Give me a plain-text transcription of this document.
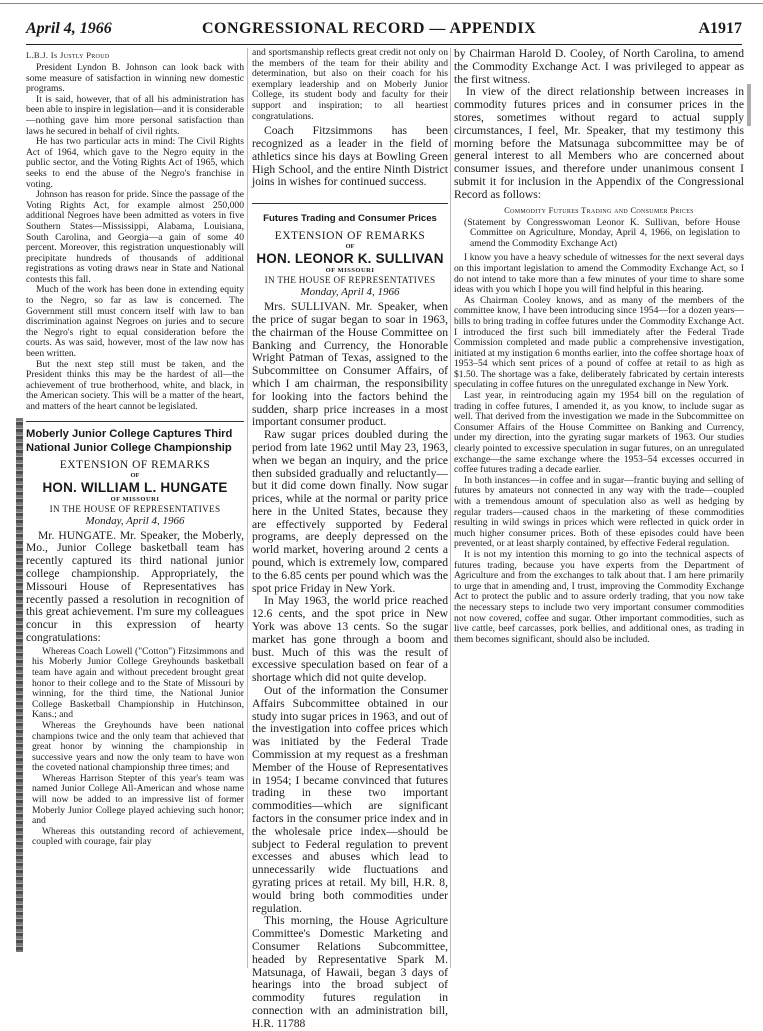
April 4, 1966	CONGRESSIONAL RECORD — APPENDIX	A1917
L.B.J. Is Justly Proud

President Lyndon B. Johnson can look back with some measure of satisfaction in winning new domestic programs.

It is said, however, that of all his administration has been able to inspire in legislation—and it is considerable—nothing gave him more personal satisfaction than laws he secured in behalf of civil rights.

He has two particular acts in mind: The Civil Rights Act of 1964, which gave to the Negro equity in the public sector, and the Voting Rights Act of 1965, which seeks to end the abuse of the Negro's franchise in voting.

Johnson has reason for pride. Since the passage of the Voting Rights Act, for example almost 250,000 additional Negroes have been admitted as voters in five Southern States—Mississippi, Alabama, Louisiana, South Carolina, and Georgia—a gain of some 40 percent. Moreover, this registration unquestionably will precipitate hundreds of thousands of additional registrations as voting draws near in State and National contests this fall.

Much of the work has been done in extending equity to the Negro, so far as law is concerned. The Government still must concern itself with law to ban discrimination against Negroes on juries and to secure the Negro's right to equal consideration before the courts. As was said, however, most of the law now has been written.

But the next step still must be taken, and the President thinks this may be the hardest of all—the achievement of true brotherhood, white, and black, in the American society. This will be a matter of the heart, and matters of the heart cannot be legislated.

Moberly Junior College Captures Third National Junior College Championship
EXTENSION OF REMARKS
OF
HON. WILLIAM L. HUNGATE
OF MISSOURI
IN THE HOUSE OF REPRESENTATIVES
Monday, April 4, 1966

Mr. HUNGATE. Mr. Speaker, the Moberly, Mo., Junior College basketball team has recently captured its third national junior college championship. Appropriately, the Missouri House of Representatives has recently passed a resolution in recognition of this great achievement. I'm sure my colleagues concur in this expression of hearty congratulations:

Whereas Coach Lowell ("Cotton") Fitzsimmons and his Moberly Junior College Greyhounds basketball team have again and without precedent brought great honor to their college and to the State of Missouri by winning, for the third time, the National Junior College Basketball Championship in Hutchinson, Kans.; and

Whereas the Greyhounds have been national champions twice and the only team that achieved that great honor by winning the championship in successive years and now the only team to have won the coveted national championship three times; and

Whereas Harrison Stepter of this year's team was named Junior College All-American and whose name will now be added to an impressive list of former Moberly Junior College played achieving such honor; and

Whereas this outstanding record of achievement, coupled with courage, fair play

and sportsmanship reflects great credit not only on the members of the team for their ability and determination, but also on their coach for his exemplary leadership and on Moberly Junior College, its student body and faculty for their support and inspiration; to all heartiest congratulations.

Coach Fitzsimmons has been recognized as a leader in the field of athletics since his days at Bowling Green High School, and the entire Ninth District joins in wishes for continued success.

Futures Trading and Consumer Prices
EXTENSION OF REMARKS
OF
HON. LEONOR K. SULLIVAN
OF MISSOURI
IN THE HOUSE OF REPRESENTATIVES
Monday, April 4, 1966

Mrs. SULLIVAN. Mr. Speaker, when the price of sugar began to soar in 1963, the chairman of the House Committee on Banking and Currency, the Honorable Wright Patman of Texas, assigned to the Subcommittee on Consumer Affairs, of which I am chairman, the responsibility for looking into the factors behind the sudden, sharp price increases in a most important consumer product.

Raw sugar prices doubled during the period from late 1962 until May 23, 1963, when we began an inquiry, and the price then subsided gradually and reluctantly—but it did come down finally. Now sugar prices, while at the normal or parity price here in the United States, because they are effectively supported by Federal programs, are deeply depressed on the world market, hovering around 2 cents a pound, which is extremely low, compared to the 6.85 cents per pound which was the spot price Friday in New York.

In May 1963, the world price reached 12.6 cents, and the spot price in New York was above 13 cents. So the sugar market has gone through a boom and bust. Much of this was the result of excessive speculation based on fear of a shortage which did not quite develop.

Out of the information the Consumer Affairs Subcommittee obtained in our study into sugar prices in 1963, and out of the investigation into coffee prices which was initiated by the Federal Trade Commission at my request as a freshman Member of the House of Representatives in 1954; I became convinced that futures trading in these two important commodities—which are significant factors in the consumer price index and in the wholesale price index—should be subject to Federal regulation to prevent excesses and abuses which lead to unnecessarily wide fluctuations and gyrating prices at retail. My bill, H.R. 8, would bring both commodities under regulation.

This morning, the House Agriculture Committee's Domestic Marketing and Consumer Relations Subcommittee, headed by Representative Spark M. Matsunaga, of Hawaii, began 3 days of hearings into the broad subject of commodity futures regulation in connection with an administration bill, H.R. 11788

by Chairman Harold D. Cooley, of North Carolina, to amend the Commodity Exchange Act. I was privileged to appear as the first witness.

In view of the direct relationship between increases in commodity futures prices and in consumer prices in the stores, sometimes without regard to actual supply circumstances, I feel, Mr. Speaker, that my testimony this morning before the Matsunaga subcommittee may be of general interest to all Members who are concerned about consumer issues, and therefore under unanimous consent I submit it for inclusion in the Appendix of the Congressional Record as follows:

Commodity Futures Trading and Consumer Prices

(Statement by Congresswoman Leonor K. Sullivan, before House Committee on Agriculture, Monday, April 4, 1966, on legislation to amend the Commodity Exchange Act)

I know you have a heavy schedule of witnesses for the next several days on this important legislation to amend the Commodity Exchange Act, so I do not intend to take more than a few minutes of your time to share some ideas with you which I hope you will find helpful in this hearing.

As Chairman Cooley knows, and as many of the members of the committee know, I have been introducing since 1954—for a dozen years—bills to bring trading in coffee futures under the Commodity Exchange Act. I introduced the first such bill immediately after the Federal Trade Commission completed and made public a comprehensive investigation, initiated at my instigation 6 months earlier, into the coffee shortage hoax of 1953–54 which sent prices of a pound of coffee at retail to as high as $1.50. The shortage was a fake, deliberately fabricated by certain interests speculating in coffee futures on the unregulated exchange in New York.

Last year, in reintroducing again my 1954 bill on the regulation of trading in coffee futures, I amended it, as you know, to include sugar as well. That derived from the investigation we made in the Subcommittee on Consumer Affairs of the House Committee on Banking and Currency, under my direction, into the gyrating sugar markets of 1963. Our studies clearly pointed to excessive speculation in sugar futures, on an unregulated exchange—the same exchange where the 1953–54 excesses occurred in coffee futures trading a decade earlier.

In both instances—in coffee and in sugar—frantic buying and selling of futures by amateurs not connected in any way with the trade—coupled with a tremendous amount of speculation also as well as hedging by regular traders—caused chaos in the marketing of these commodities resulting in wild swings in prices which were reflected in quick order in much higher consumer prices. Both of these episodes could have been prevented, or at least sharply contained, by effective Federal regulation.

It is not my intention this morning to go into the technical aspects of futures trading, because you have experts from the Department of Agriculture and from the exchanges to talk about that. I am here primarily to urge that in amending and, I trust, improving the Commodity Exchange Act to protect the public and to assure orderly trading, that you now take the necessary steps to include two very important consumer commodities not now covered, coffee and sugar. Other important commodities, such as live cattle, beef carcasses, pork bellies, and additional ones, as trading in them becomes significant, should also be included.
